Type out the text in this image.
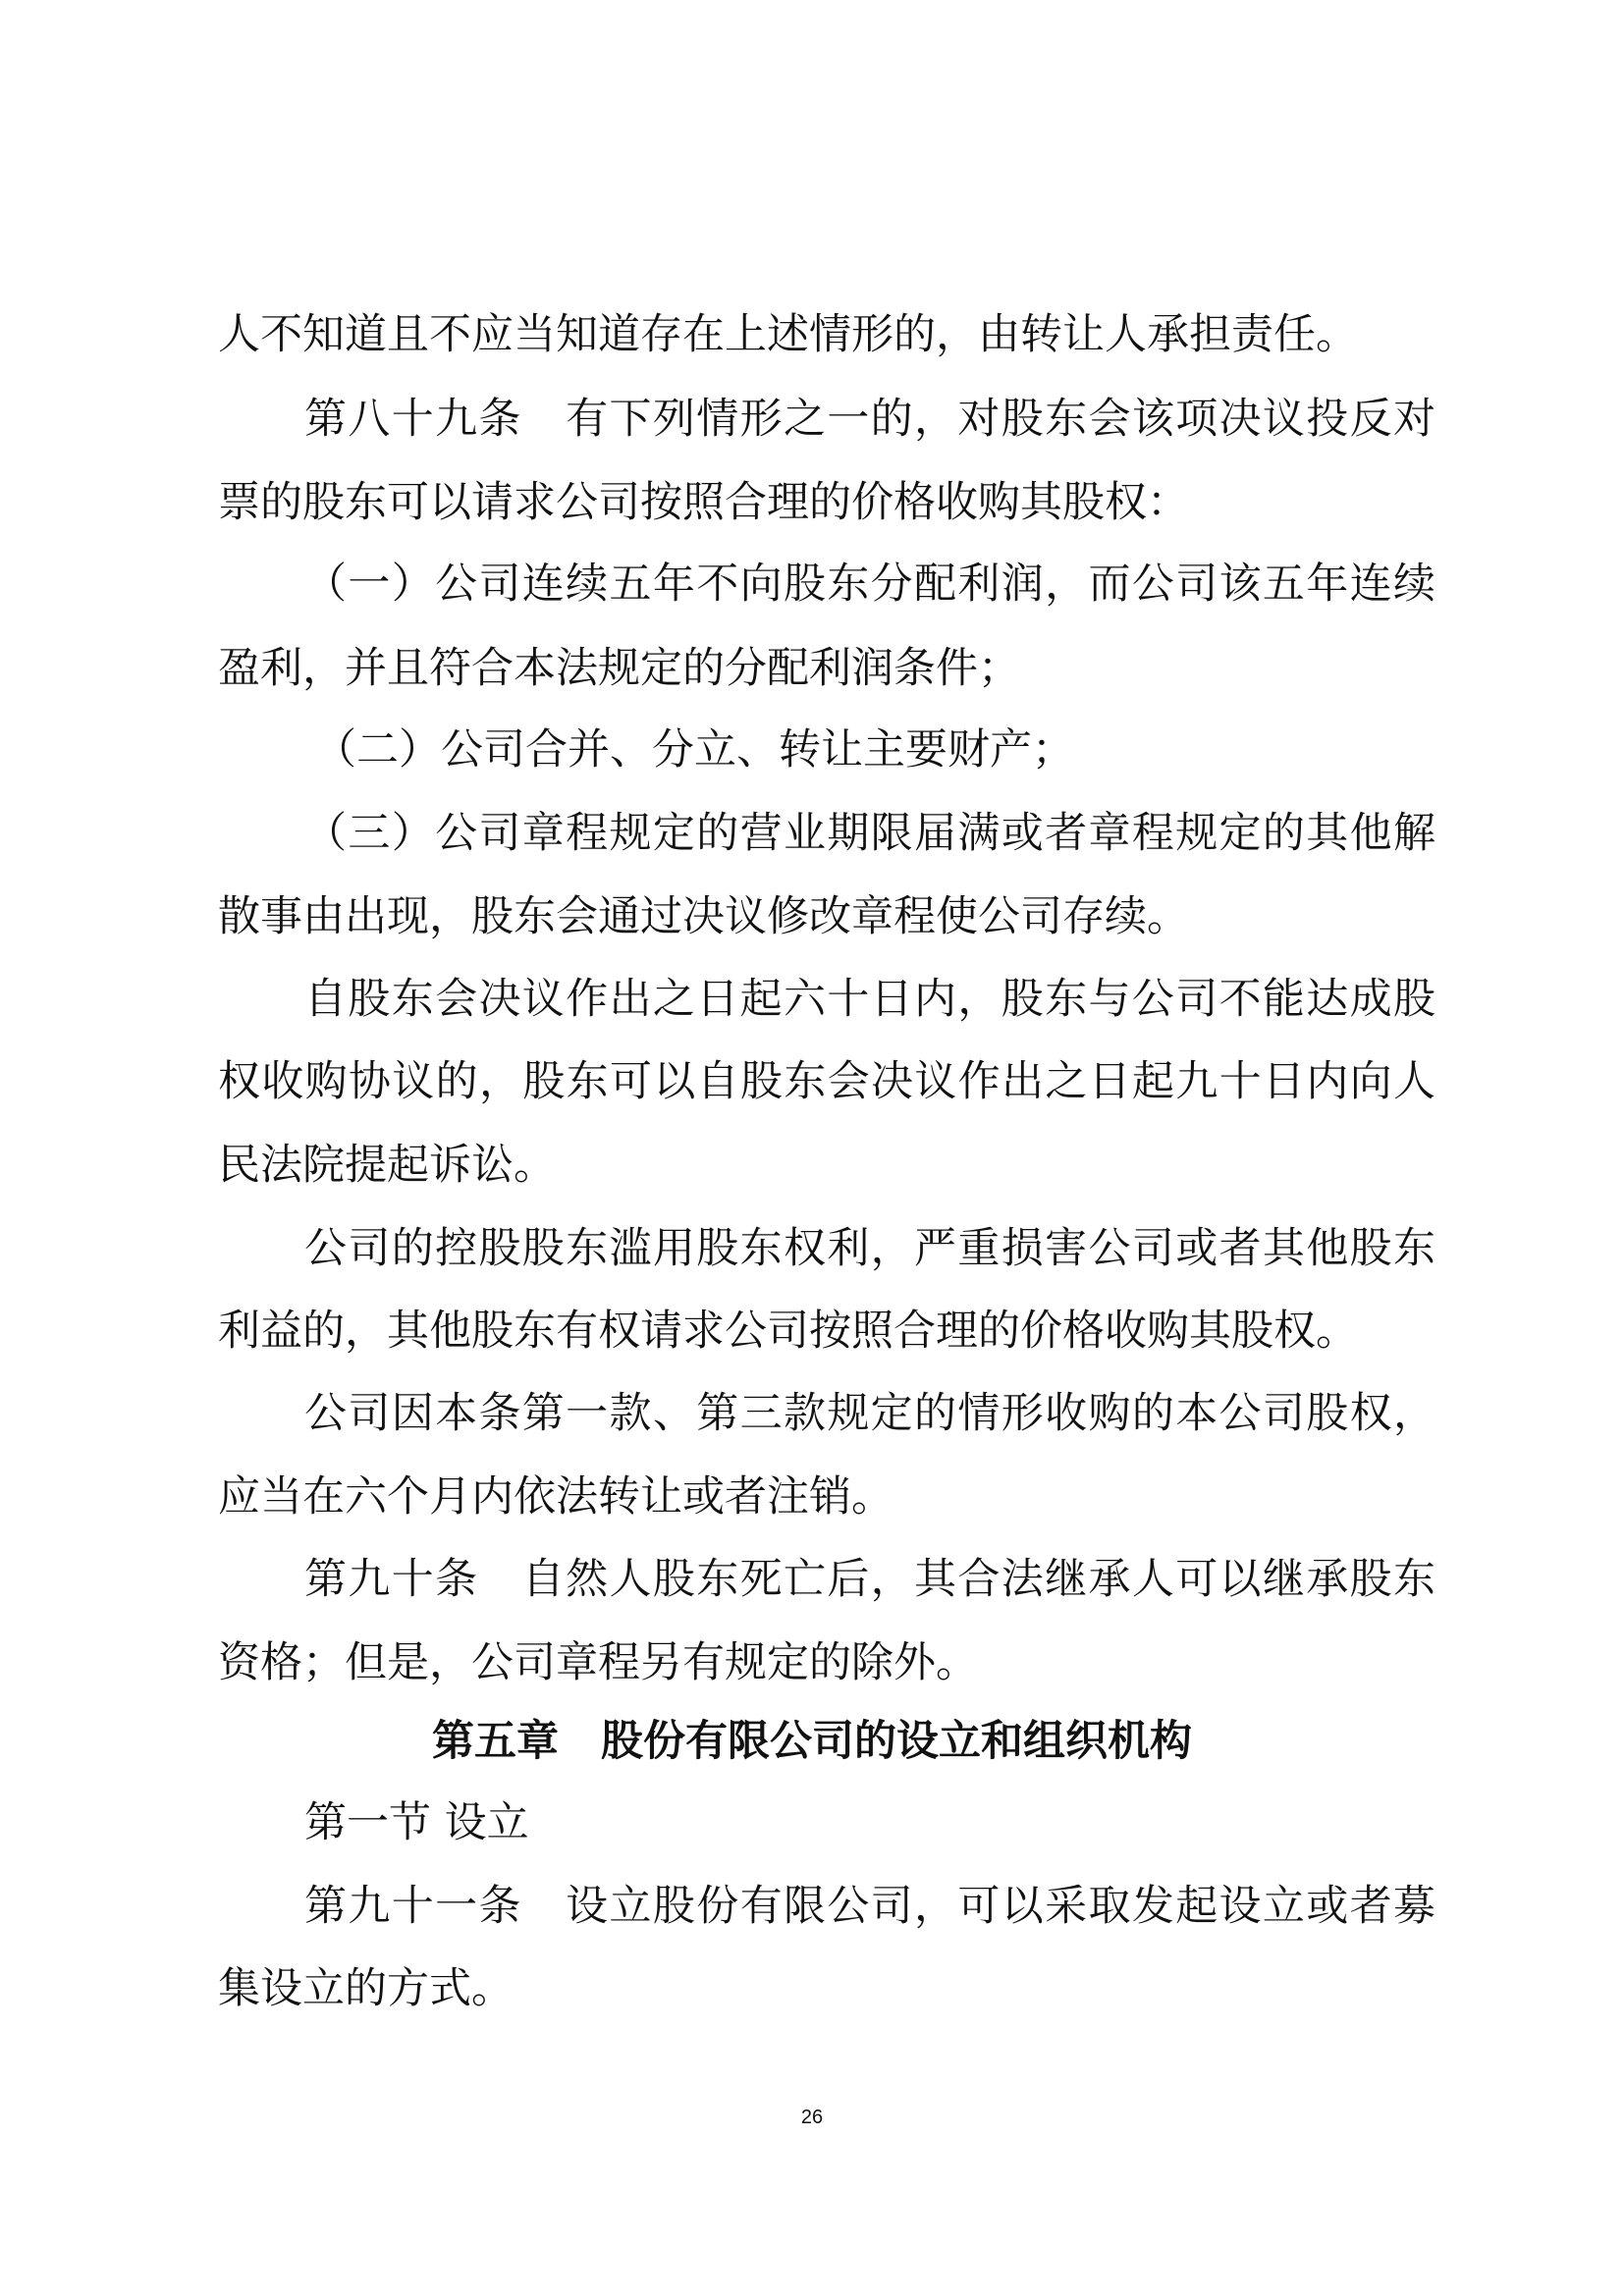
人不知道且不应当知道存在上述情形的，由转让人承担责任。
第八十九条　有下列情形之一的，对股东会该项决议投反对
票的股东可以请求公司按照合理的价格收购其股权：
（一）公司连续五年不向股东分配利润，而公司该五年连续
盈利，并且符合本法规定的分配利润条件；
（二）公司合并、分立、转让主要财产；
（三）公司章程规定的营业期限届满或者章程规定的其他解
散事由出现，股东会通过决议修改章程使公司存续。
自股东会决议作出之日起六十日内，股东与公司不能达成股
权收购协议的，股东可以自股东会决议作出之日起九十日内向人
民法院提起诉讼。
公司的控股股东滥用股东权利，严重损害公司或者其他股东
利益的，其他股东有权请求公司按照合理的价格收购其股权。
公司因本条第一款、第三款规定的情形收购的本公司股权，
应当在六个月内依法转让或者注销。
第九十条　自然人股东死亡后，其合法继承人可以继承股东
资格；但是，公司章程另有规定的除外。
第五章　股份有限公司的设立和组织机构
第一节 设立
第九十一条　设立股份有限公司，可以采取发起设立或者募
集设立的方式。
26
